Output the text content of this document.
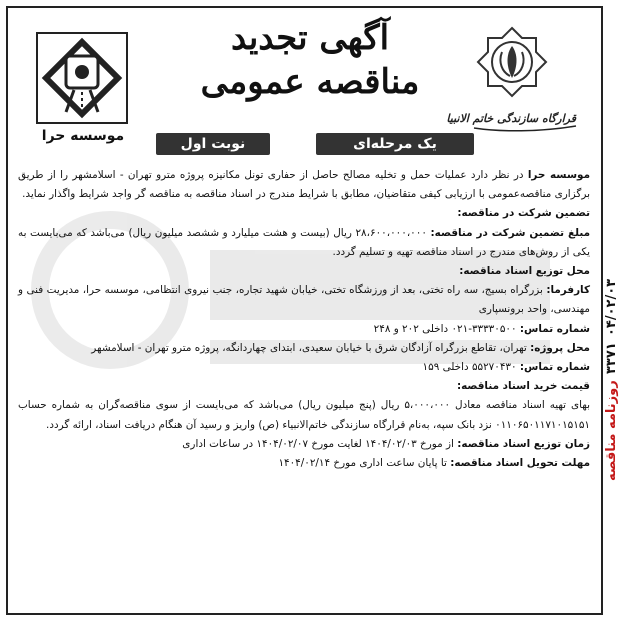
۰۴/۰۲/۰۳
۳۳۷۱
روزنامه مناقصه
قرارگاه سازندگی خاتم الانبیا
آگهی تجدید
مناقصه عمومی
موسسه حرا	یک مرحله‌ای
نوبت اول

موسسه حرا در نظر دارد عملیات حمل و تخلیه مصالح حاصل از حفاری تونل مکانیزه پروژه مترو تهران - اسلامشهر را از طریق برگزاری مناقصه‌عمومی با ارزیابی کیفی متقاضیان، مطابق با شرایط مندرج در اسناد مناقصه به مناقصه گر واجد شرایط واگذار نماید.

تضمین شرکت در مناقصه:

مبلغ تضمین شرکت در مناقصه: ۲۸،۶۰۰،۰۰۰،۰۰۰ ریال (بیست و هشت میلیارد و ششصد میلیون ریال) می‌باشد که می‌بایست به یکی از روش‌های مندرج در اسناد مناقصه تهیه و تسلیم گردد.

محل توزیع اسناد مناقصه:

کارفرما: بزرگراه بسیج، سه راه تختی، بعد از ورزشگاه تختی، خیابان شهید تجاره، جنب نیروی انتظامی، موسسه حرا، مدیریت فنی و مهندسی، واحد برونسپاری

شماره تماس: ۳۳۳۳۰۵۰۰-۰۲۱ داخلی ۲۰۲ و ۲۴۸

محل پروژه: تهران، تقاطع بزرگراه آزادگان شرق با خیابان سعیدی، ابتدای چهاردانگه، پروژه مترو تهران - اسلامشهر

شماره تماس: ۵۵۲۷۰۴۳۰ داخلی ۱۵۹

قیمت خرید اسناد مناقصه:

بهای تهیه اسناد مناقصه معادل ۵،۰۰۰،۰۰۰ ریال (پنج میلیون ریال) می‌باشد که می‌بایست از سوی مناقصه‌گران به شماره حساب ۰۱۱۰۶۵۰۱۱۷۱۰۱۵۱۵۱ نزد بانک سپه، به‌نام قرارگاه سازندگی خاتم‌الانبیاء (ص) واریز و رسید آن هنگام دریافت اسناد، ارائه گردد.

زمان توزیع اسناد مناقصه: از مورخ ۱۴۰۴/۰۲/۰۳ لغایت مورخ ۱۴۰۴/۰۲/۰۷ در ساعات اداری

مهلت تحویل اسناد مناقصه: تا پایان ساعت اداری مورخ ۱۴۰۴/۰۲/۱۴
